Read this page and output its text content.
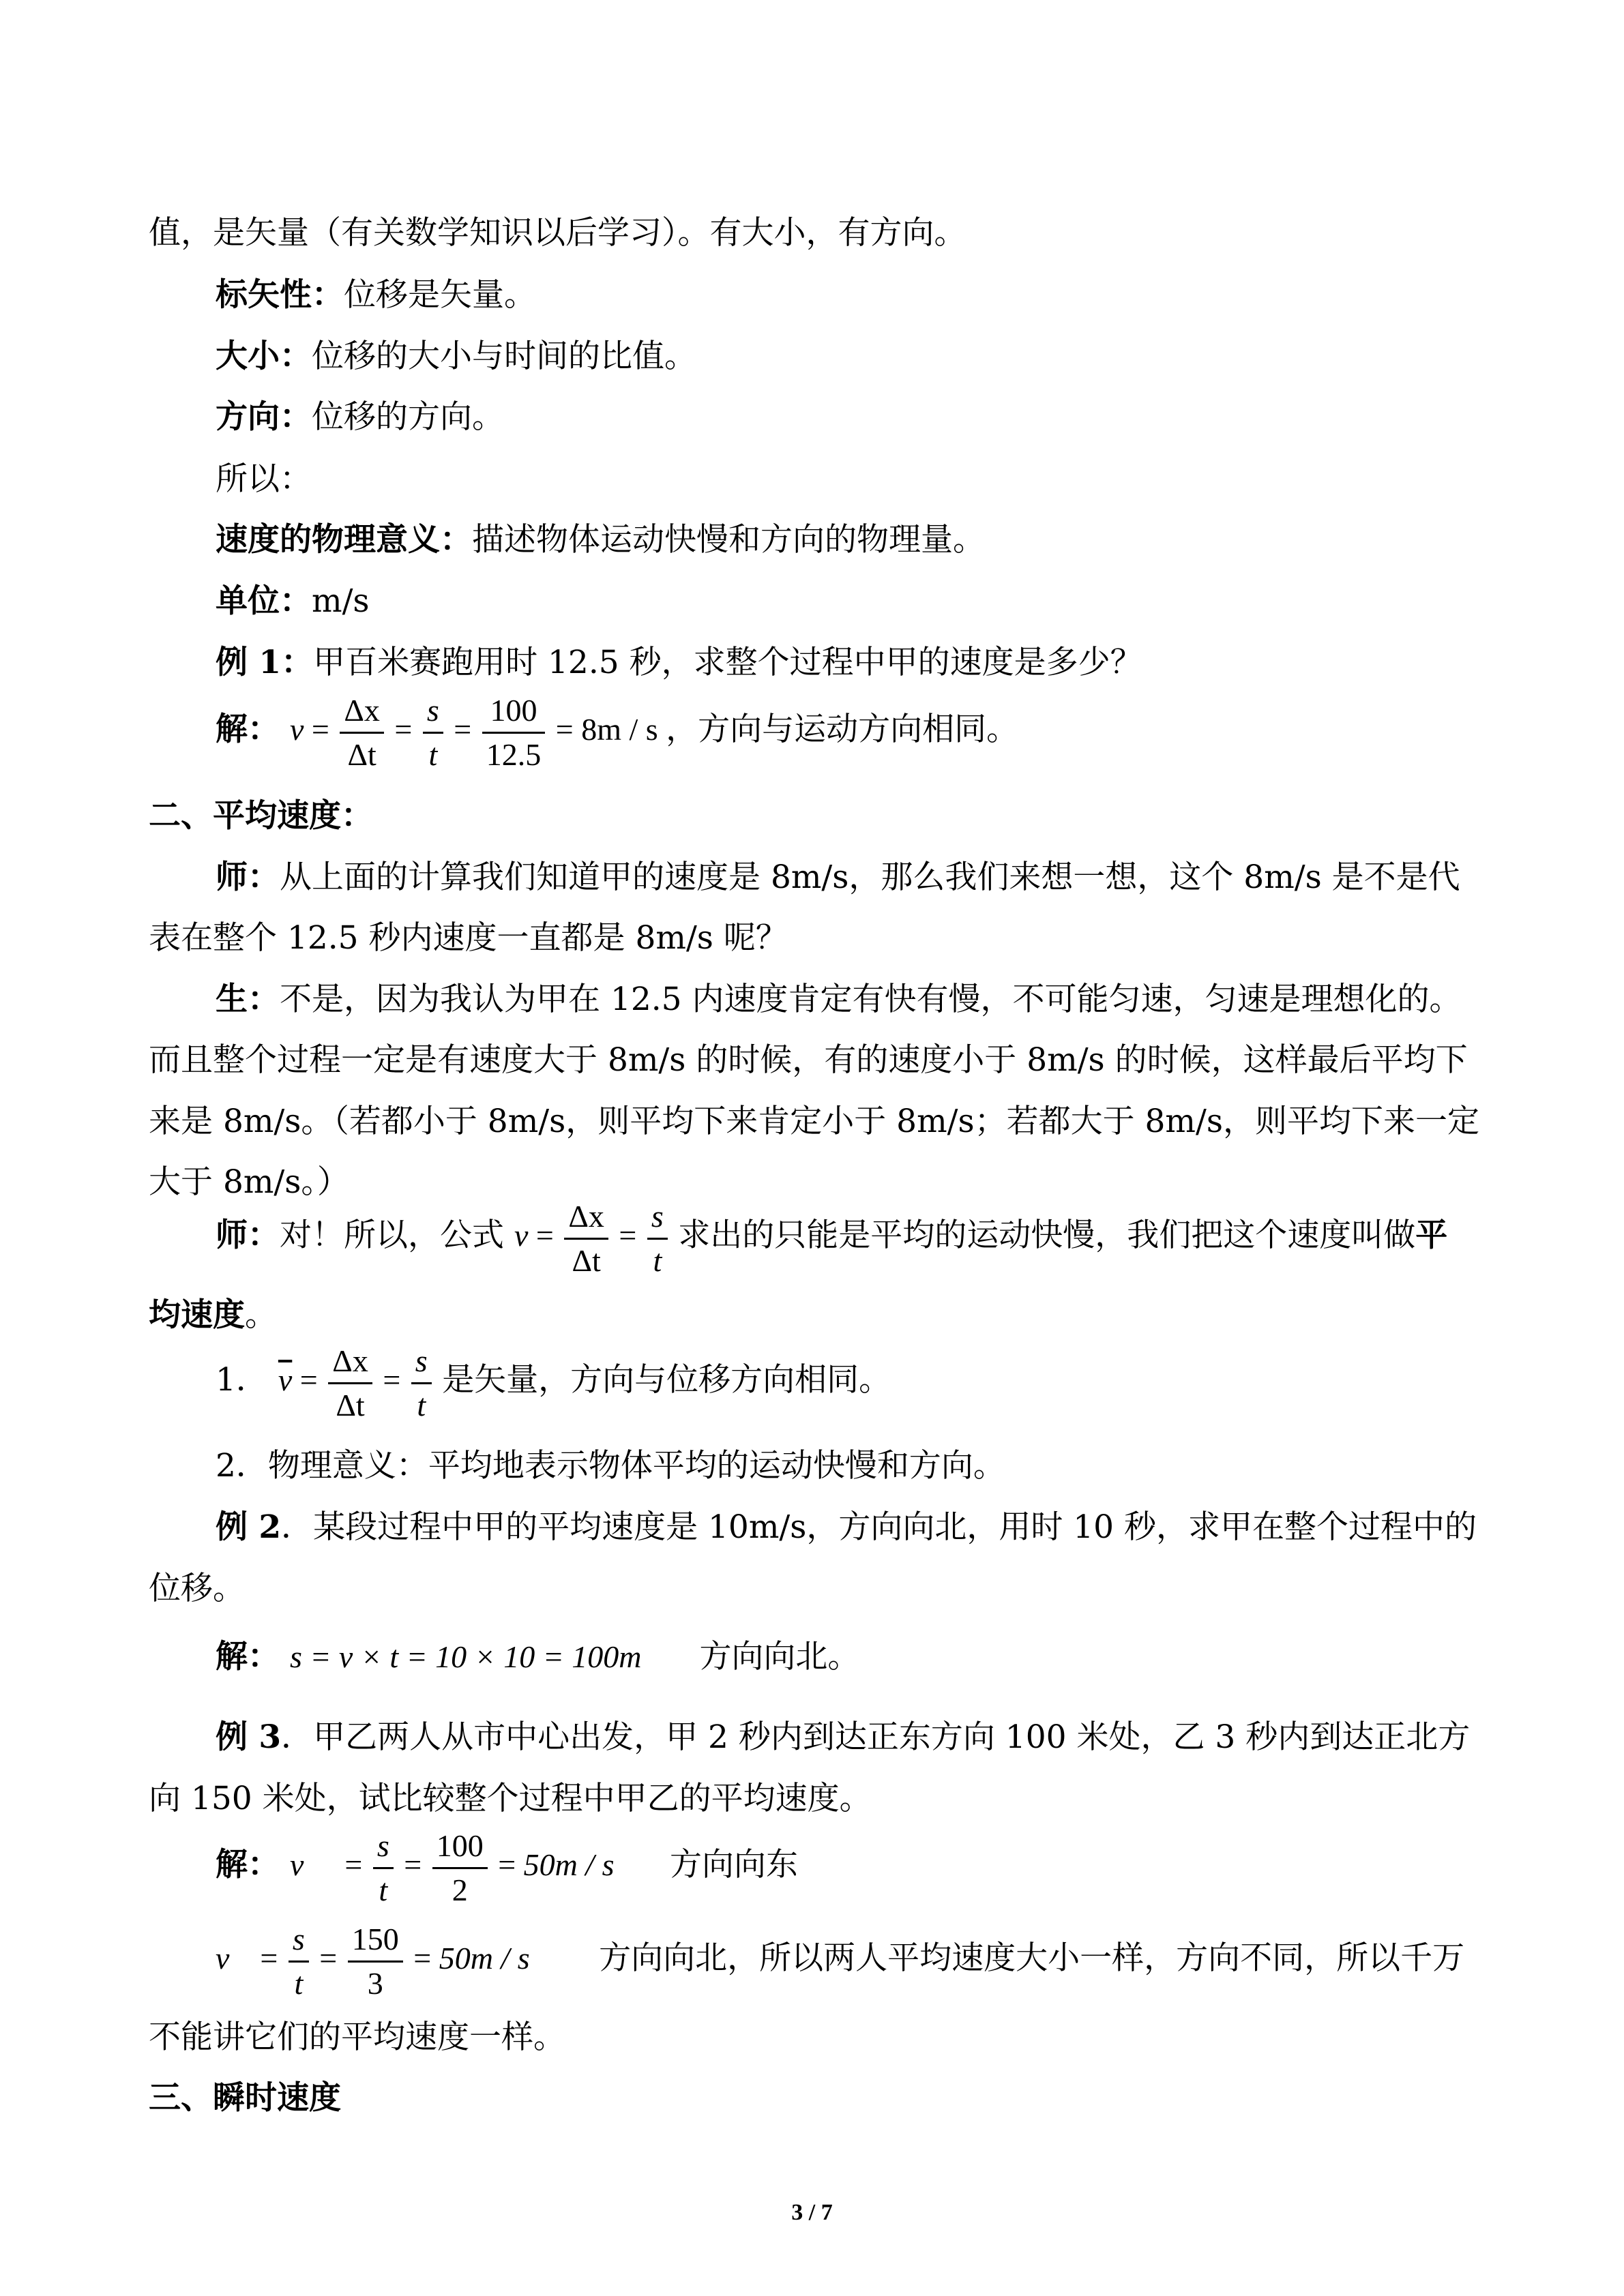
值，是矢量（有关数学知识以后学习）。有大小，有方向。
标矢性：位移是矢量。
大小：位移的大小与时间的比值。
方向：位移的方向。
所以：
速度的物理意义：描述物体运动快慢和方向的物理量。
单位：m/s
例 1：甲百米赛跑用时 12.5 秒，求整个过程中甲的速度是多少？
解： $v = \frac{\Delta x}{\Delta t} = \frac{s}{t} = \frac{100}{12.5} = 8m / s$ ，方向与运动方向相同。
二、平均速度：
师：从上面的计算我们知道甲的速度是 8m/s，那么我们来想一想，这个 8m/s 是不是代
表在整个 12.5 秒内速度一直都是 8m/s 呢？
生：不是，因为我认为甲在 12.5 内速度肯定有快有慢，不可能匀速，匀速是理想化的。
而且整个过程一定是有速度大于 8m/s 的时候，有的速度小于 8m/s 的时候，这样最后平均下
来是 8m/s。（若都小于 8m/s，则平均下来肯定小于 8m/s；若都大于 8m/s，则平均下来一定
大于 8m/s。）
师：对！所以，公式 $v = \frac{\Delta x}{\Delta t} = \frac{s}{t}$ 求出的只能是平均的运动快慢，我们把这个速度叫做平
均速度。
1． $\overline{v} = \frac{\Delta x}{\Delta t} = \frac{s}{t}$ 是矢量，方向与位移方向相同。
2．物理意义：平均地表示物体平均的运动快慢和方向。
例 2．某段过程中甲的平均速度是 10m/s，方向向北，用时 10 秒，求甲在整个过程中的
位移。
解： s = v × t = 10 × 10 = 100m 方向向北。
例 3．甲乙两人从市中心出发，甲 2 秒内到达正东方向 100 米处，乙 3 秒内到达正北方
向 150 米处，试比较整个过程中甲乙的平均速度。
解： $v = \frac{s}{t} = \frac{100}{2} = 50m / s$ 方向向东
$v = \frac{s}{t} = \frac{150}{3} = 50m / s$ 方向向北，所以两人平均速度大小一样，方向不同，所以千万
不能讲它们的平均速度一样。
三、瞬时速度
3 / 7
